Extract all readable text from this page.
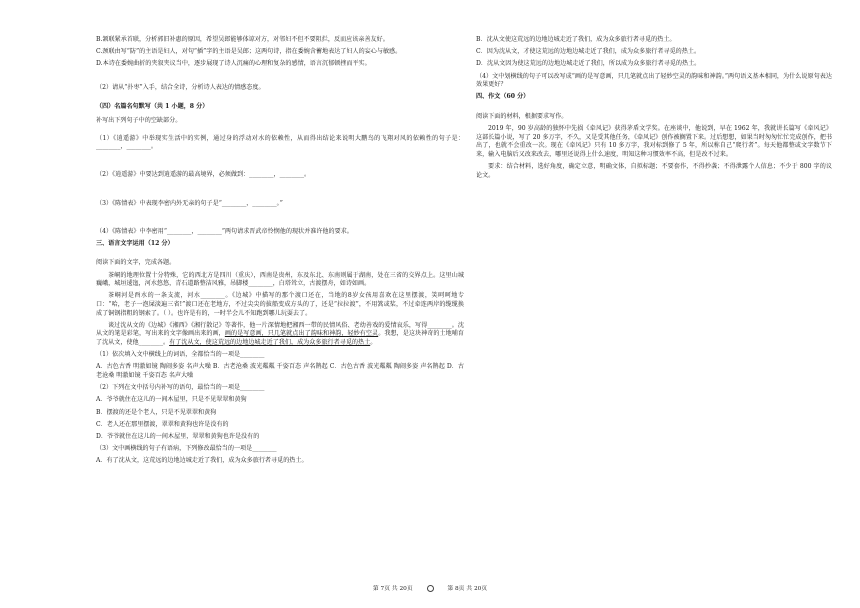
B.颔联紧承首联，分析郭旧补惠的原因，希望吴郎能够体谅对方，对邻妇不但不要阻拦，反而应该亲善友好。

C.颈联由写“防”的主语是妇人，对句“插”字的主语是吴郎；这两句诗，指在委婉含蓄地表达了妇人的妄心与敏感。

D.本诗在委婉曲折的夹叙夹议当中，逐步展现了诗人沉痛的心理和复杂的感情，语言沉郁顿挫而平实。

（2）请从“扑枣”入手，结合全诗，分析诗人表达的情感态度。

（四）名篇名句默写（共 1 小题，8 分）

补写出下列句子中的空缺部分。

（1）《逍遥游》中举现实生活中的实例，通过身的浮动对水的依赖性，从而得出结论来说明大鹏鸟的飞翔对风的依赖性的句子是：________，________。

（2）《逍遥游》中要达到逍遥游的最高境界，必须做到：________，________。

（3）《陈情表》中表现李密内外无亲的句子是“________，________。”

（4）《陈情表》中李密用“________，________”两句请求晋武帝怜悯他的现状并准许他的要求。

三、语言文字运用（12 分）

阅读下面的文字，完成各题。

茶峒的地理位置十分特殊，它的西北方是四川（重庆），西南是贵州，东及东北、东南则属于湖南，处在三省的交界点上。这里山城巍峨，城垣逶迤，河水悠悠，青石道路整洁风雅，吊脚楼________，白塔耸立，古渡摆舟，如诗如画。

茶峒河是酉水的一条支流，河水________。《边城》中描写的那个渡口还在，当地的8岁女孩用喜欢在这里摆渡，笑呵呵地专口：“哈，老子一泡屎淡遍三省!”渡口还在老地方，不过尖尖的拔船变成方头的了，还是“拉拉渡”，不用篙或桨，不过牵连两岸的缆缆换成了铜钢指粗的钢索了。（ ）。也许是有的，一时半会儿不知跑到哪儿玩耍去了。

谈过沈从文的《边城》《湘西》《湘行散记》等著作，他一片深情地把湘西一带的民情风俗、老幼善戏的爱情哀乐，写得________。沈从文的笔是彩笔，写出来的文字像画出来的画，画的是写意画，只几笔就点出了韵味和神韵，轻妙有空灵。我想，是这块神奇的土地哺育了沈从文，使他________。有了沈从文，使这荒远的边地边城走近了我们，成为众多旅行者寻觅的热土。

（1）依次填入文中横线上的词语，全都恰当的一项是________

A．古色古香 明澈如镜 陶闹多姿 名声大噪 B．古老沧桑 波光粼粼 千姿百态 声名鹊起 C．古色古香 波光粼粼 陶闹多姿 声名鹊起 D．古老沧桑 明澈如镜 千姿百态 名声大噪

（2）下列在文中括号内补写的语句，最恰当的一项是________

A．爷爷就住在这儿的一间木屋里，只是不见翠翠和黄狗

B．摆渡的还是个老人，只是不见翠翠和黄狗

C．老人还在那里摆渡，翠翠和黄狗也许是没有的

D．爷爷就住在这儿的一间木屋里，翠翠和黄狗也许是没有的

（3）文中画横线的句子有语病，下列修改最恰当的一项是________

A．有了沈从文，这荒远的边地边城走近了我们，成为众多旅行者寻觅的热土。

B．沈从文使这荒远的边地边城走近了我们，成为众多旅行者寻觅的热土。

C．因为沈从文，才使这荒远的边地边城走近了我们，成为众多旅行者寻觅的热土。

D．沈从文因为使这荒远的边地边城走近了我们，所以成为众多旅行者寻觅的热土。

（4）文中划横线的句子可以改写成“画的是写意画，只几笔就点出了轻妙空灵的韵味和神韵。”两句语义基本相同，为什么说原句表达效果更好？

四、作文（60 分）

阅读下面的材料，根据要求写作。

2019 年，90 岁高龄的独怀中先损《牵风记》获得茅盾文学奖。在座谈中，他说到，早在 1962 年，我就讲长篇写《牵风记》这部长篇小说，写了 20 多万字，不久，又是受其他任务，《牵风记》创作被搁置下来。过后想想，如果当时匆匆忙忙完成创作，把书出了，也就不会重改一次。现在《牵风记》只有 10 多万字，我对标到修了 5 年，所以称自己“爬行者”。每天他都整或文字数节下来，输入电脑后又改来改去，哪里还说得上什么速度，明知这种习惯效率不高，但是改不过来。

要求：结合材料，选好角度，确定立意，明确文体，自拟标题；不要套作，不得抄袭；不得泄露个人信息；不少于 800 字的议论文。

第 7页 共 20页	第 8页 共 20页
